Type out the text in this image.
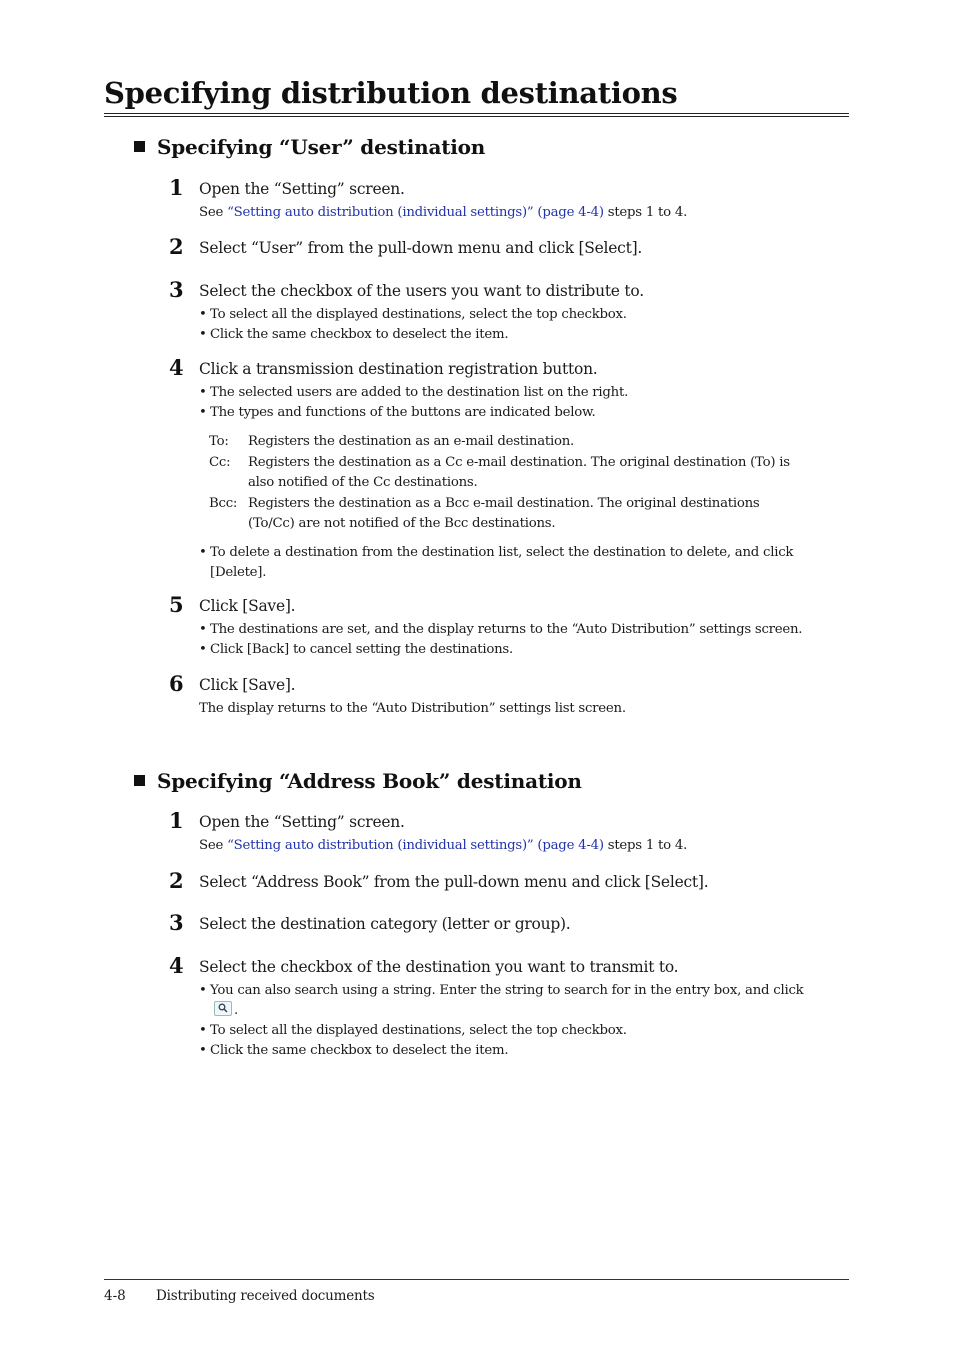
Specifying distribution destinations
Specifying “User” destination
1 Open the “Setting” screen.
See “Setting auto distribution (individual settings)” (page 4-4) steps 1 to 4.
2 Select “User” from the pull-down menu and click [Select].
3 Select the checkbox of the users you want to distribute to.
• To select all the displayed destinations, select the top checkbox.
• Click the same checkbox to deselect the item.
4 Click a transmission destination registration button.
• The selected users are added to the destination list on the right.
• The types and functions of the buttons are indicated below.
To: Registers the destination as an e-mail destination.
Cc: Registers the destination as a Cc e-mail destination. The original destination (To) is also notified of the Cc destinations.
Bcc: Registers the destination as a Bcc e-mail destination. The original destinations (To/Cc) are not notified of the Bcc destinations.
• To delete a destination from the destination list, select the destination to delete, and click [Delete].
5 Click [Save].
• The destinations are set, and the display returns to the “Auto Distribution” settings screen.
• Click [Back] to cancel setting the destinations.
6 Click [Save].
The display returns to the “Auto Distribution” settings list screen.
Specifying “Address Book” destination
1 Open the “Setting” screen.
See “Setting auto distribution (individual settings)” (page 4-4) steps 1 to 4.
2 Select “Address Book” from the pull-down menu and click [Select].
3 Select the destination category (letter or group).
4 Select the checkbox of the destination you want to transmit to.
• You can also search using a string. Enter the string to search for in the entry box, and click
.
• To select all the displayed destinations, select the top checkbox.
• Click the same checkbox to deselect the item.
4-8 Distributing received documents
